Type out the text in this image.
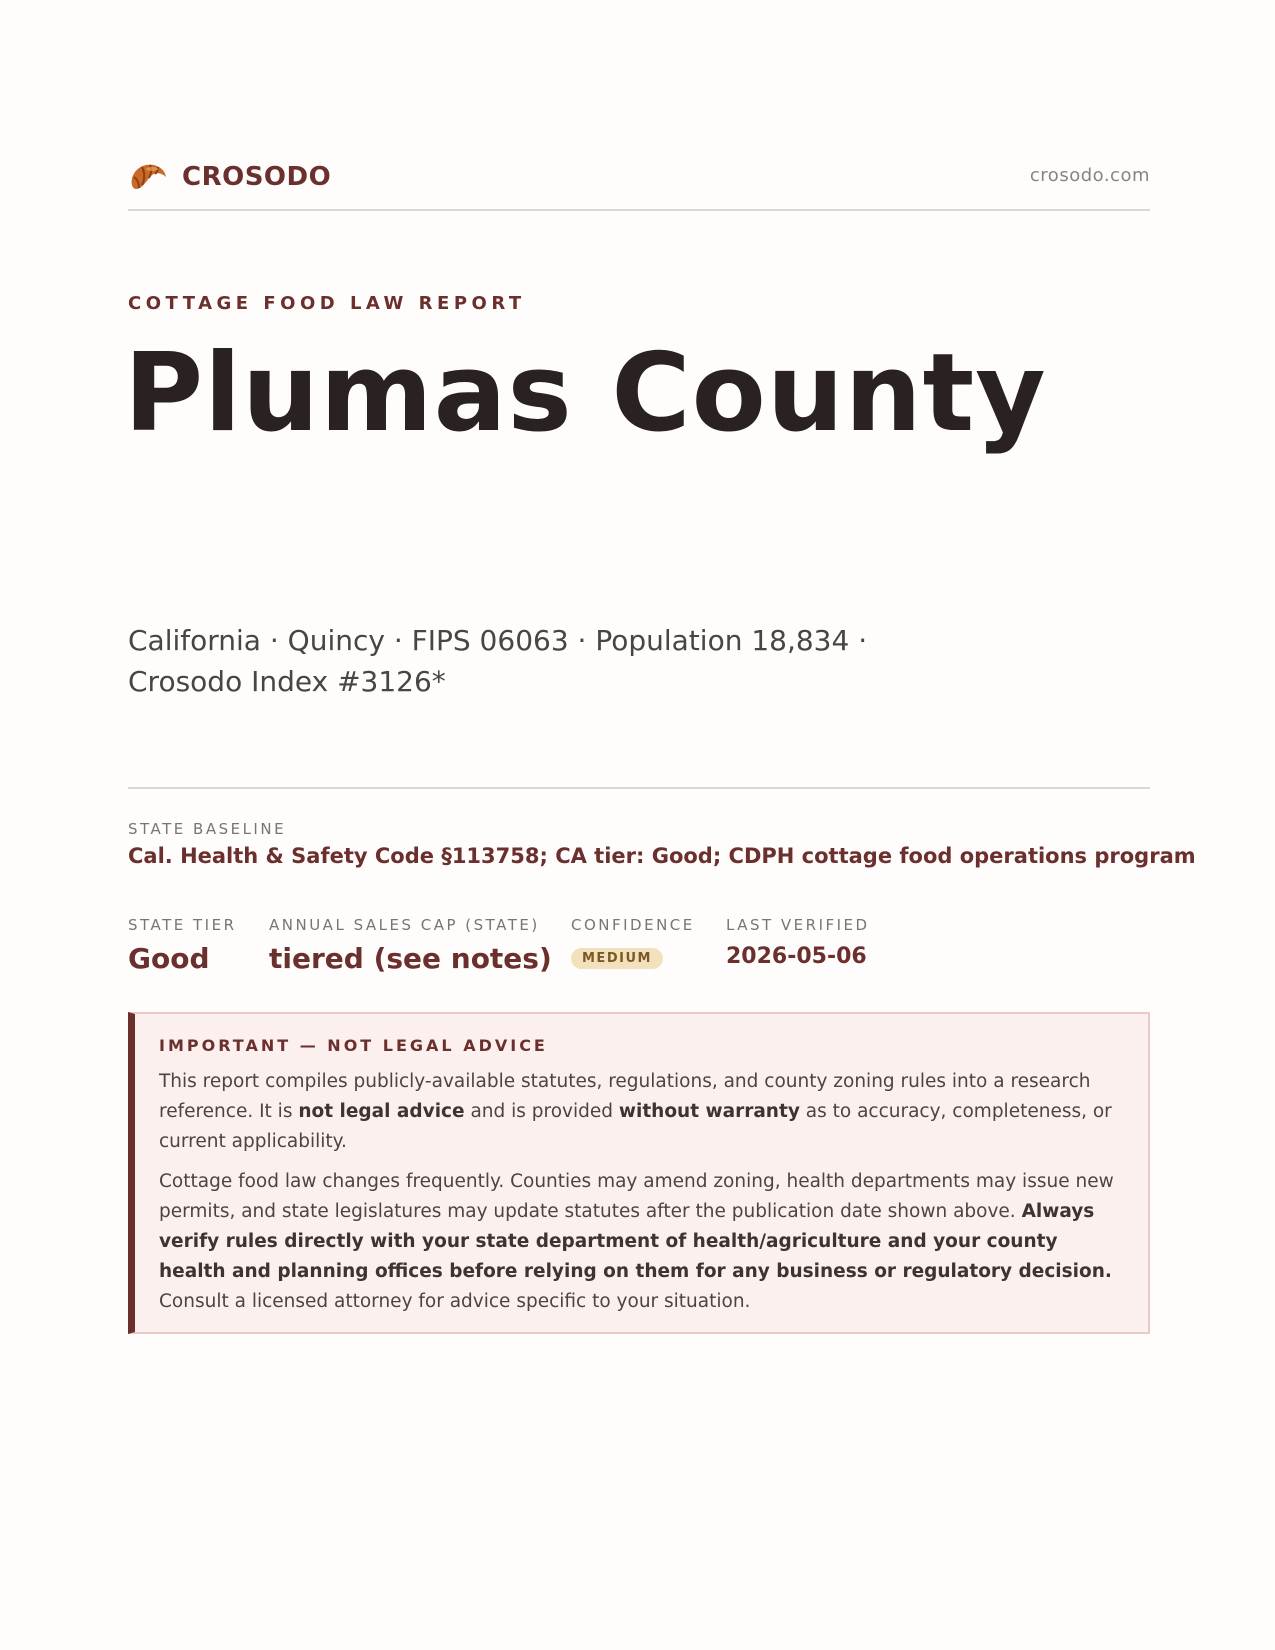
CROSODO	crosodo.com
COTTAGE FOOD LAW REPORT
Plumas County
California · Quincy · FIPS 06063 · Population 18,834 ·
Crosodo Index #3126*
STATE BASELINE
Cal. Health & Safety Code §113758; CA tier: Good; CDPH cottage food operations program
STATE TIER
Good
ANNUAL SALES CAP (STATE)
tiered (see notes)
CONFIDENCE
MEDIUM
LAST VERIFIED
2026-05-06
IMPORTANT — NOT LEGAL ADVICE

This report compiles publicly-available statutes, regulations, and county zoning rules into a research reference. It is not legal advice and is provided without warranty as to accuracy, completeness, or current applicability.

Cottage food law changes frequently. Counties may amend zoning, health departments may issue new permits, and state legislatures may update statutes after the publication date shown above. Always verify rules directly with your state department of health/agriculture and your county health and planning offices before relying on them for any business or regulatory decision. Consult a licensed attorney for advice specific to your situation.
